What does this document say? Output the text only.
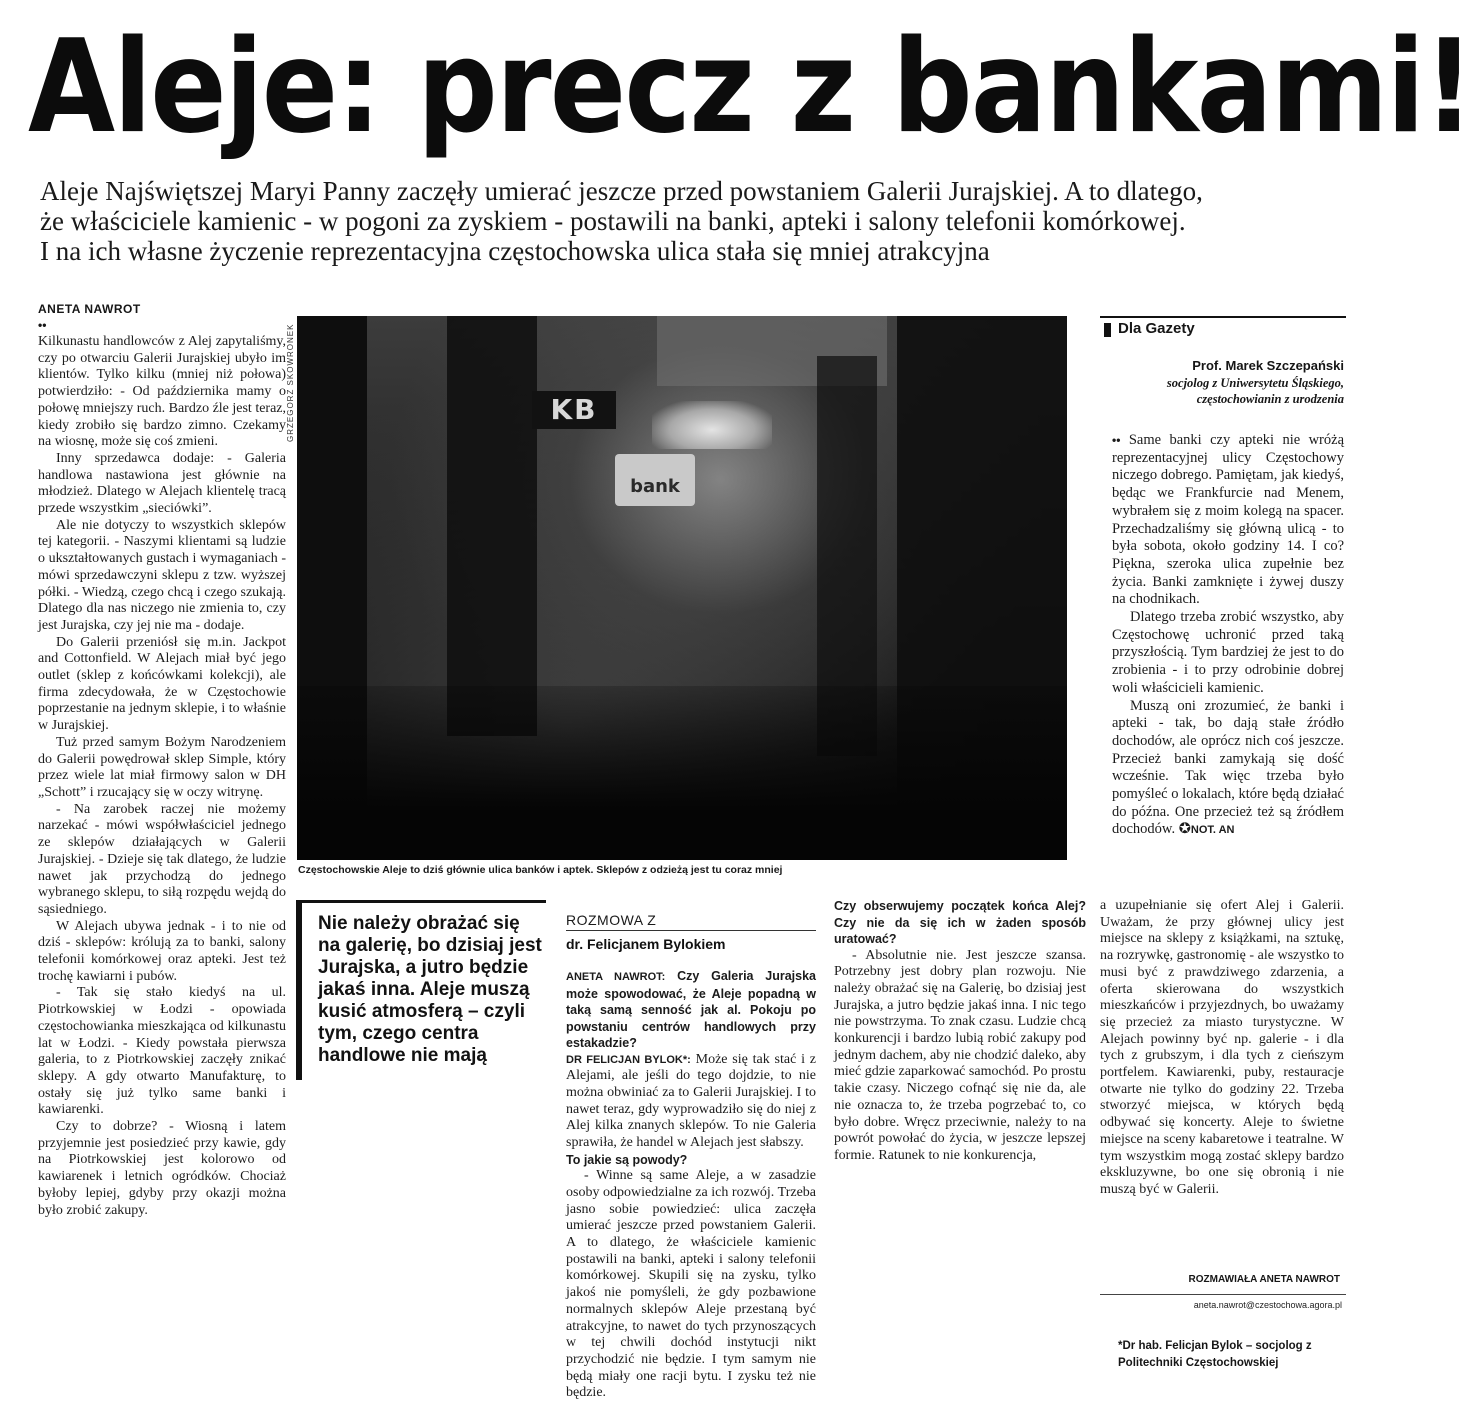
Aleje: precz z bankami!
Aleje Najświętszej Maryi Panny zaczęły umierać jeszcze przed powstaniem Galerii Jurajskiej. A to dlatego,
że właściciele kamienic - w pogoni za zyskiem - postawili na banki, apteki i salony telefonii komórkowej.
I na ich własne życzenie reprezentacyjna częstochowska ulica stała się mniej atrakcyjna
ANETA NAWROT
••

Kilkunastu handlowców z Alej zapytaliśmy, czy po otwarciu Galerii Jurajskiej ubyło im klientów. Tylko kilku (mniej niż połowa) potwierdziło: - Od października mamy o połowę mniejszy ruch. Bardzo źle jest teraz, kiedy zrobiło się bardzo zimno. Czekamy na wiosnę, może się coś zmieni.

Inny sprzedawca dodaje: - Galeria handlowa nastawiona jest głównie na młodzież. Dlatego w Alejach klientelę tracą przede wszystkim „sieciówki”.

Ale nie dotyczy to wszystkich sklepów tej kategorii. - Naszymi klientami są ludzie o ukształtowanych gustach i wymaganiach - mówi sprzedawczyni sklepu z tzw. wyższej półki. - Wiedzą, czego chcą i czego szukają. Dlatego dla nas niczego nie zmienia to, czy jest Jurajska, czy jej nie ma - dodaje.

Do Galerii przeniósł się m.in. Jackpot and Cottonfield. W Alejach miał być jego outlet (sklep z końcówkami kolekcji), ale firma zdecydowała, że w Częstochowie poprzestanie na jednym sklepie, i to właśnie w Jurajskiej.

Tuż przed samym Bożym Narodzeniem do Galerii powędrował sklep Simple, który przez wiele lat miał firmowy salon w DH „Schott” i rzucający się w oczy witrynę.

- Na zarobek raczej nie możemy narzekać - mówi współwłaściciel jednego ze sklepów działających w Galerii Jurajskiej. - Dzieje się tak dlatego, że ludzie nawet jak przychodzą do jednego wybranego sklepu, to siłą rozpędu wejdą do sąsiedniego.

W Alejach ubywa jednak - i to nie od dziś - sklepów: królują za to banki, salony telefonii komórkowej oraz apteki. Jest też trochę kawiarni i pubów.

- Tak się stało kiedyś na ul. Piotrkowskiej w Łodzi - opowiada częstochowianka mieszkająca od kilkunastu lat w Łodzi. - Kiedy powstała pierwsza galeria, to z Piotrkowskiej zaczęły znikać sklepy. A gdy otwarto Manufakturę, to ostały się już tylko same banki i kawiarenki.

Czy to dobrze? - Wiosną i latem przyjemnie jest posiedzieć przy kawie, gdy na Piotrkowskiej jest kolorowo od kawiarenek i letnich ogródków. Chociaż byłoby lepiej, gdyby przy okazji można było zrobić zakupy.

GRZEGORZ SKOWRONEK	KB
bank
Częstochowskie Aleje to dziś głównie ulica banków i aptek. Sklepów z odzieżą jest tu coraz mniej
Nie należy obrażać się na galerię, bo dzisiaj jest Jurajska, a jutro będzie jakaś inna. Aleje muszą kusić atmosferą – czyli tym, czego centra handlowe nie mają
ROZMOWA Z
dr. Felicjanem Bylokiem

ANETA NAWROT: Czy Galeria Jurajska może spowodować, że Aleje popadną w taką samą senność jak al. Pokoju po powstaniu centrów handlowych przy estakadzie?

DR FELICJAN BYLOK*: Może się tak stać i z Alejami, ale jeśli do tego dojdzie, to nie można obwiniać za to Galerii Jurajskiej. I to nawet teraz, gdy wyprowadziło się do niej z Alej kilka znanych sklepów. To nie Galeria sprawiła, że handel w Alejach jest słabszy.

To jakie są powody?

- Winne są same Aleje, a w zasadzie osoby odpowiedzialne za ich rozwój. Trzeba jasno sobie powiedzieć: ulica zaczęła umierać jeszcze przed powstaniem Galerii. A to dlatego, że właściciele kamienic postawili na banki, apteki i salony telefonii komórkowej. Skupili się na zysku, tylko jakoś nie pomyśleli, że gdy pozbawione normalnych sklepów Aleje przestaną być atrakcyjne, to nawet do tych przynoszących w tej chwili dochód instytucji nikt przychodzić nie będzie. I tym samym nie będą miały one racji bytu. I zysku też nie będzie.

Czy obserwujemy początek końca Alej? Czy nie da się ich w żaden sposób uratować?

- Absolutnie nie. Jest jeszcze szansa. Potrzebny jest dobry plan rozwoju. Nie należy obrażać się na Galerię, bo dzisiaj jest Jurajska, a jutro będzie jakaś inna. I nic tego nie powstrzyma. To znak czasu. Ludzie chcą konkurencji i bardzo lubią robić zakupy pod jednym dachem, aby nie chodzić daleko, aby mieć gdzie zaparkować samochód. Po prostu takie czasy. Niczego cofnąć się nie da, ale nie oznacza to, że trzeba pogrzebać to, co było dobre. Wręcz przeciwnie, należy to na powrót powołać do życia, w jeszcze lepszej formie. Ratunek to nie konkurencja,

a uzupełnianie się ofert Alej i Galerii. Uważam, że przy głównej ulicy jest miejsce na sklepy z książkami, na sztukę, na rozrywkę, gastronomię - ale wszystko to musi być z prawdziwego zdarzenia, a oferta skierowana do wszystkich mieszkańców i przyjezdnych, bo uważamy się przecież za miasto turystyczne. W Alejach powinny być np. galerie - i dla tych z grubszym, i dla tych z cieńszym portfelem. Kawiarenki, puby, restauracje otwarte nie tylko do godziny 22. Trzeba stworzyć miejsca, w których będą odbywać się koncerty. Aleje to świetne miejsce na sceny kabaretowe i teatralne. W tym wszystkim mogą zostać sklepy bardzo ekskluzywne, bo one się obronią i nie muszą być w Galerii.

ROZMAWIAŁA ANETA NAWROT
aneta.nawrot@czestochowa.agora.pl
*Dr hab. Felicjan Bylok – socjolog z Politechniki Częstochowskiej
Dla Gazety
Prof. Marek Szczepański
socjolog z Uniwersytetu Śląskiego,
częstochowianin z urodzenia

•• Same banki czy apteki nie wróżą reprezentacyjnej ulicy Częstochowy niczego dobrego. Pamiętam, jak kiedyś, będąc we Frankfurcie nad Menem, wybrałem się z moim kolegą na spacer. Przechadzaliśmy się główną ulicą - to była sobota, około godziny 14. I co? Piękna, szeroka ulica zupełnie bez życia. Banki zamknięte i żywej duszy na chodnikach.

Dlatego trzeba zrobić wszystko, aby Częstochowę uchronić przed taką przyszłością. Tym bardziej że jest to do zrobienia - i to przy odrobinie dobrej woli właścicieli kamienic.

Muszą oni zrozumieć, że banki i apteki - tak, bo dają stałe źródło dochodów, ale oprócz nich coś jeszcze. Przecież banki zamykają się dość wcześnie. Tak więc trzeba było pomyśleć o lokalach, które będą działać do późna. One przecież też są źródłem dochodów. ✪NOT. AN
